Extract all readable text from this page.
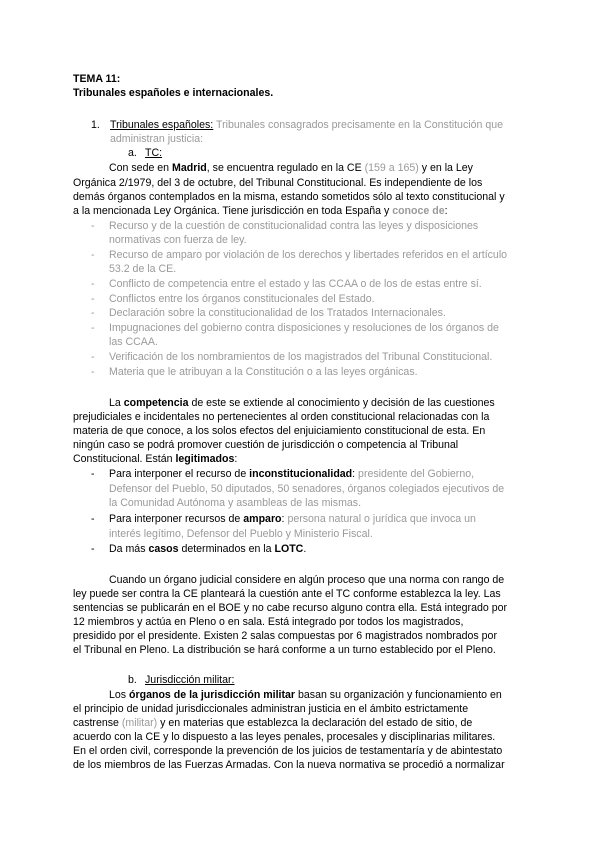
TEMA 11:
Tribunales españoles e internacionales.
1. Tribunales españoles: Tribunales consagrados precisamente en la Constitución que
administran justicia:
a. TC:
Con sede en Madrid, se encuentra regulado en la CE (159 a 165) y en la Ley
Orgánica 2/1979, del 3 de octubre, del Tribunal Constitucional. Es independiente de los
demás órganos contemplados en la misma, estando sometidos sólo al texto constitucional y
a la mencionada Ley Orgánica. Tiene jurisdicción en toda España y conoce de:
- Recurso y de la cuestión de constitucionalidad contra las leyes y disposiciones
normativas con fuerza de ley.
- Recurso de amparo por violación de los derechos y libertades referidos en el artículo
53.2 de la CE.
- Conflicto de competencia entre el estado y las CCAA o de los de estas entre sí.
- Conflictos entre los órganos constitucionales del Estado.
- Declaración sobre la constitucionalidad de los Tratados Internacionales.
- Impugnaciones del gobierno contra disposiciones y resoluciones de los órganos de
las CCAA.
- Verificación de los nombramientos de los magistrados del Tribunal Constitucional.
- Materia que le atribuyan a la Constitución o a las leyes orgánicas.
La competencia de este se extiende al conocimiento y decisión de las cuestiones
prejudiciales e incidentales no pertenecientes al orden constitucional relacionadas con la
materia de que conoce, a los solos efectos del enjuiciamiento constitucional de esta. En
ningún caso se podrá promover cuestión de jurisdicción o competencia al Tribunal
Constitucional. Están legitimados:
- Para interponer el recurso de inconstitucionalidad: presidente del Gobierno,
Defensor del Pueblo, 50 diputados, 50 senadores, órganos colegiados ejecutivos de
la Comunidad Autónoma y asambleas de las mismas.
- Para interponer recursos de amparo: persona natural o jurídica que invoca un
interés legítimo, Defensor del Pueblo y Ministerio Fiscal.
- Da más casos determinados en la LOTC.
Cuando un órgano judicial considere en algún proceso que una norma con rango de
ley puede ser contra la CE planteará la cuestión ante el TC conforme establezca la ley. Las
sentencias se publicarán en el BOE y no cabe recurso alguno contra ella. Está integrado por
12 miembros y actúa en Pleno o en sala. Está integrado por todos los magistrados,
presidido por el presidente. Existen 2 salas compuestas por 6 magistrados nombrados por
el Tribunal en Pleno. La distribución se hará conforme a un turno establecido por el Pleno.
b. Jurisdicción militar:
Los órganos de la jurisdicción militar basan su organización y funcionamiento en
el principio de unidad jurisdiccionales administran justicia en el ámbito estrictamente
castrense (militar) y en materias que establezca la declaración del estado de sitio, de
acuerdo con la CE y lo dispuesto a las leyes penales, procesales y disciplinarias militares.
En el orden civil, corresponde la prevención de los juicios de testamentaría y de abintestato
de los miembros de las Fuerzas Armadas. Con la nueva normativa se procedió a normalizar
